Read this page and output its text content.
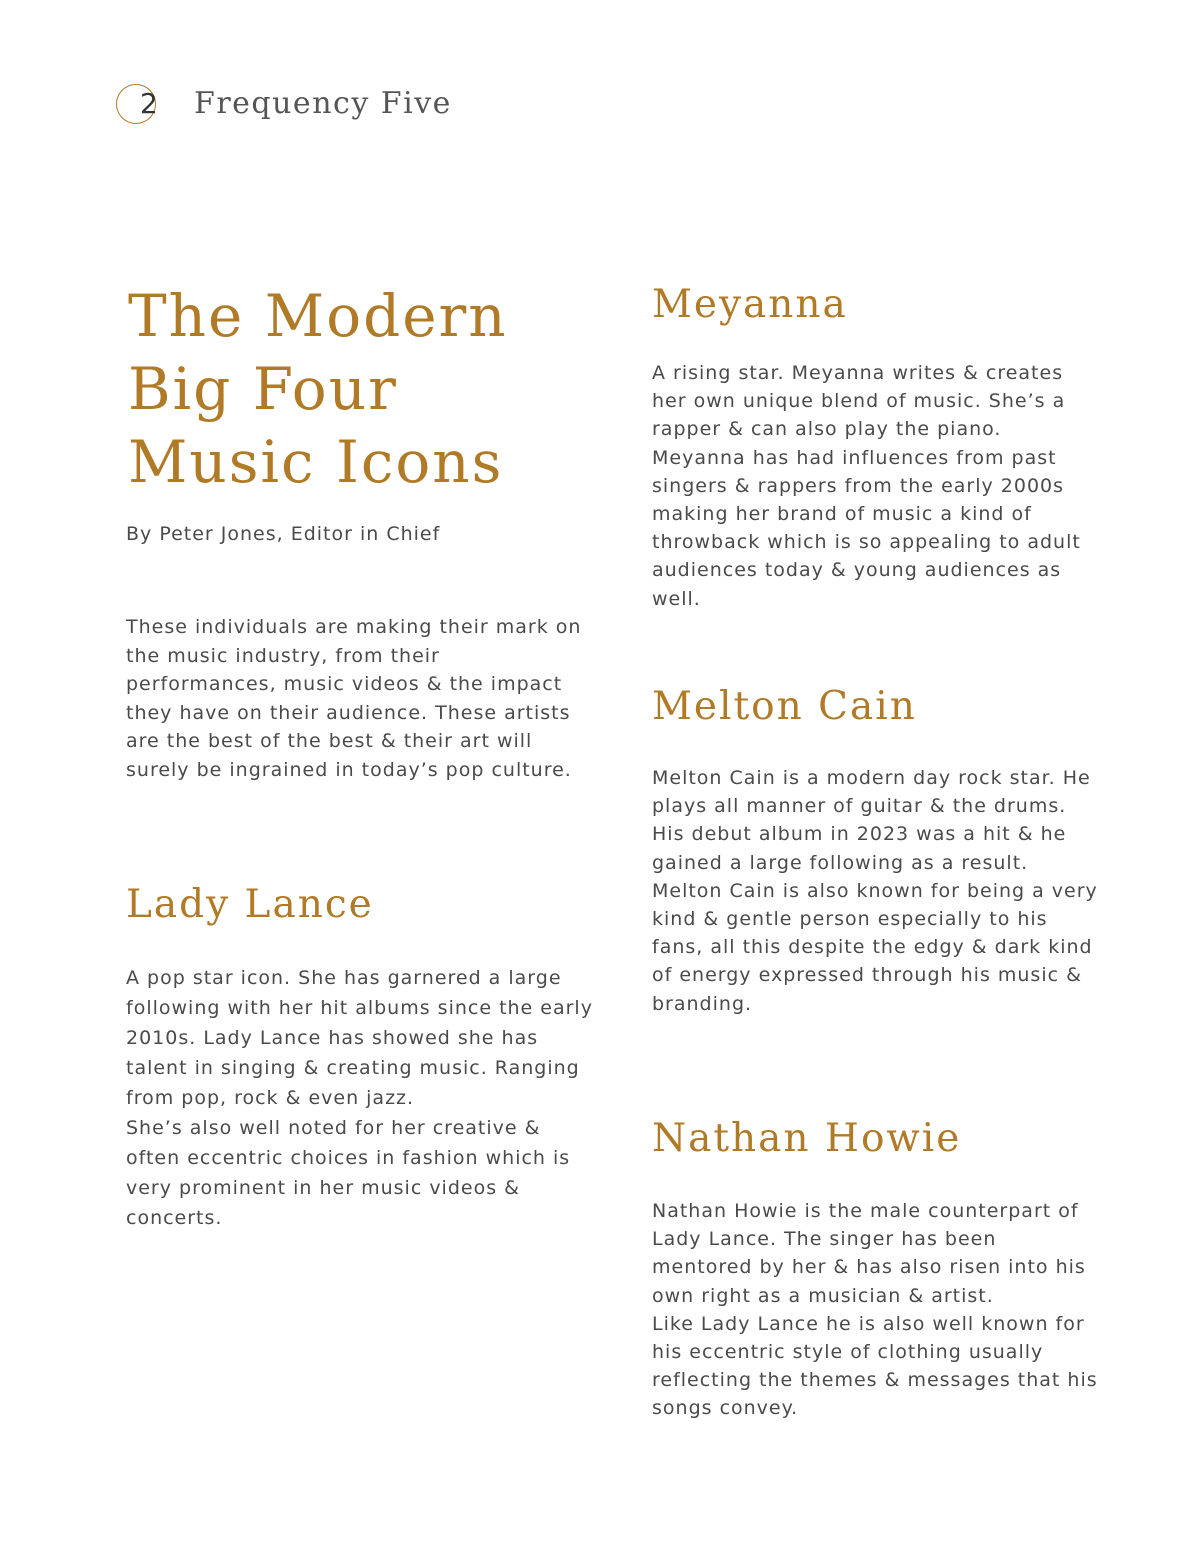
2 Frequency Five
The Modern Big Four Music Icons
By Peter Jones, Editor in Chief

These individuals are making their mark on the music industry, from their performances, music videos & the impact they have on their audience. These artists are the best of the best & their art will surely be ingrained in today’s pop culture.

Lady Lance

A pop star icon. She has garnered a large following with her hit albums since the early 2010s. Lady Lance has showed she has talent in singing & creating music. Ranging from pop, rock & even jazz.

She’s also well noted for her creative & often eccentric choices in fashion which is very prominent in her music videos & concerts.

Meyanna

A rising star. Meyanna writes & creates her own unique blend of music. She’s a rapper & can also play the piano. Meyanna has had influences from past singers & rappers from the early 2000s making her brand of music a kind of throwback which is so appealing to adult audiences today & young audiences as well.

Melton Cain

Melton Cain is a modern day rock star. He plays all manner of guitar & the drums. His debut album in 2023 was a hit & he gained a large following as a result.

Melton Cain is also known for being a very kind & gentle person especially to his fans, all this despite the edgy & dark kind of energy expressed through his music & branding.

Nathan Howie

Nathan Howie is the male counterpart of Lady Lance. The singer has been mentored by her & has also risen into his own right as a musician & artist.

Like Lady Lance he is also well known for his eccentric style of clothing usually reflecting the themes & messages that his songs convey.
